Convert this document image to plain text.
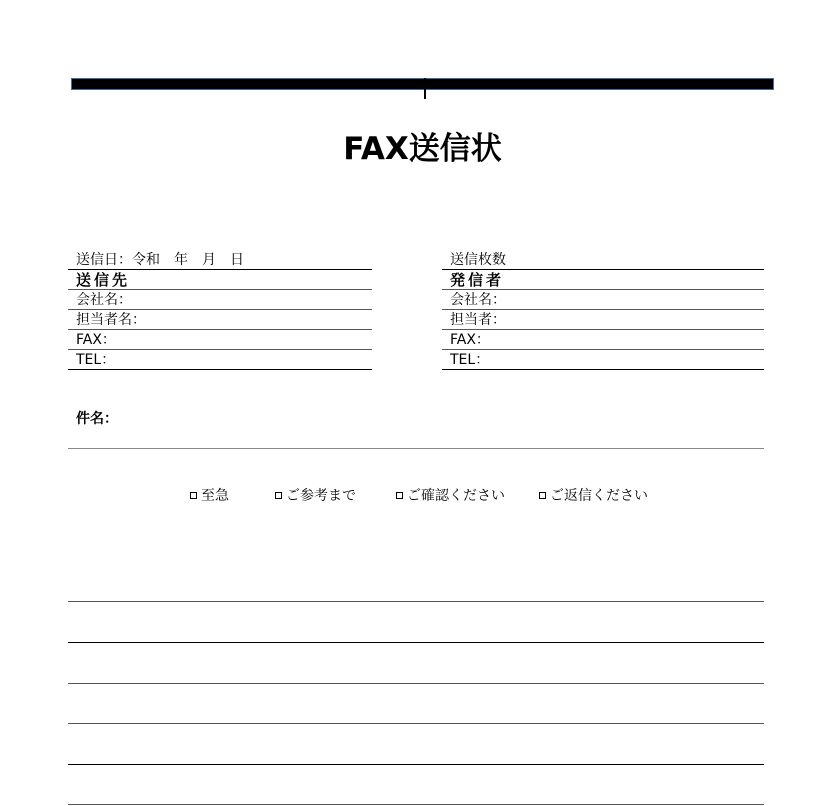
FAX送信状
送信日：令和　年　月　日
送信先
会社名：
担当者名：
FAX：
TEL：
送信枚数
発信者
会社名：
担当者：
FAX：
TEL：
件名：
至急	ご参考まで	ご確認ください	ご返信ください
